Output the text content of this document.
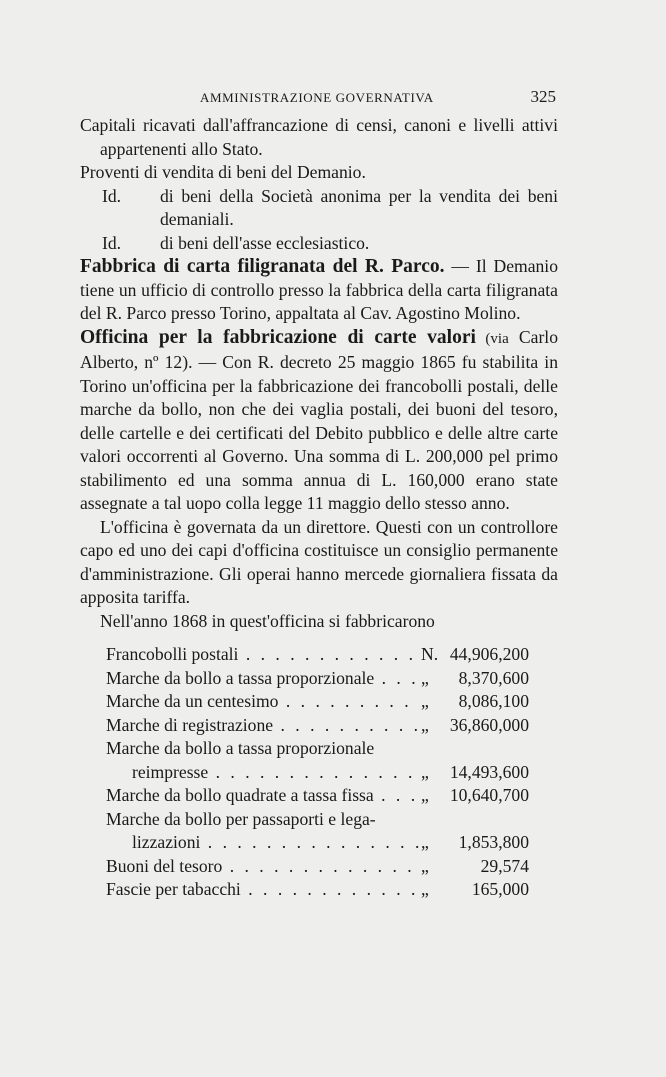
AMMINISTRAZIONE GOVERNATIVA	325

Capitali ricavati dall'affrancazione di censi, canoni e livelli attivi appartenenti allo Stato.

Proventi di vendita di beni del Demanio.

Id. di beni della Società anonima per la vendita dei beni demaniali.

Id. di beni dell'asse ecclesiastico.

Fabbrica di carta filigranata del R. Parco. — Il Demanio tiene un ufficio di controllo presso la fabbrica della carta filigranata del R. Parco presso Torino, appaltata al Cav. Agostino Molino.

Officina per la fabbricazione di carte valori (via Carlo Alberto, nº 12). — Con R. decreto 25 maggio 1865 fu stabilita in Torino un'officina per la fabbricazione dei francobolli postali, delle marche da bollo, non che dei vaglia postali, dei buoni del tesoro, delle cartelle e dei certificati del Debito pubblico e delle altre carte valori occorrenti al Governo. Una somma di L. 200,000 pel primo stabilimento ed una somma annua di L. 160,000 erano state assegnate a tal uopo colla legge 11 maggio dello stesso anno.

L'officina è governata da un direttore. Questi con un controllore capo ed uno dei capi d'officina costituisce un consiglio permanente d'amministrazione. Gli operai hanno mercede giornaliera fissata da apposita tariffa.

Nell'anno 1868 in quest'officina si fabbricarono

Francobolli postali . . .	N. 44,906,200
Marche da bollo a tassa proporzionale . . .	„	8,370,600
Marche da un centesimo . . .	„	8,086,100
Marche di registrazione . . .	„	36,860,000
Marche da bollo a tassa proporzionale
reimpresse . . .	„	14,493,600
Marche da bollo quadrate a tassa fissa . . .	„	10,640,700
Marche da bollo per passaporti e lega-
lizzazioni . . .	„	1,853,800
Buoni del tesoro . . .	„	29,574
Fascie per tabacchi . . .	„	165,000
